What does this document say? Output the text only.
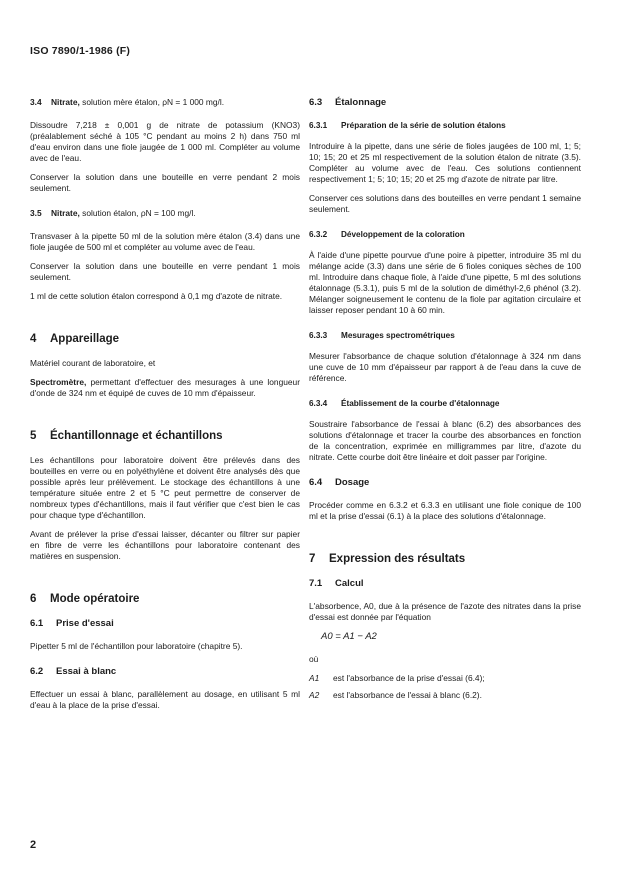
ISO 7890/1-1986 (F)

3.4 Nitrate, solution mère étalon, ρN = 1 000 mg/l.

Dissoudre 7,218 ± 0,001 g de nitrate de potassium (KNO3) (préalablement séché à 105 °C pendant au moins 2 h) dans 750 ml d'eau environ dans une fiole jaugée de 1 000 ml. Compléter au volume avec de l'eau.

Conserver la solution dans une bouteille en verre pendant 2 mois seulement.

3.5 Nitrate, solution étalon, ρN = 100 mg/l.

Transvaser à la pipette 50 ml de la solution mère étalon (3.4) dans une fiole jaugée de 500 ml et compléter au volume avec de l'eau.

Conserver la solution dans une bouteille en verre pendant 1 mois seulement.

1 ml de cette solution étalon correspond à 0,1 mg d'azote de nitrate.

4 Appareillage

Matériel courant de laboratoire, et

Spectromètre, permettant d'effectuer des mesurages à une longueur d'onde de 324 nm et équipé de cuves de 10 mm d'épaisseur.

5 Échantillonnage et échantillons

Les échantillons pour laboratoire doivent être prélevés dans des bouteilles en verre ou en polyéthylène et doivent être analysés dès que possible après leur prélèvement. Le stockage des échantillons à une température située entre 2 et 5 °C peut permettre de conserver de nombreux types d'échantillons, mais il faut vérifier que c'est bien le cas pour chaque type d'échantillon.

Avant de prélever la prise d'essai laisser, décanter ou filtrer sur papier en fibre de verre les échantillons pour laboratoire contenant des matières en suspension.

6 Mode opératoire
6.1 Prise d'essai

Pipetter 5 ml de l'échantillon pour laboratoire (chapitre 5).

6.2 Essai à blanc

Effectuer un essai à blanc, parallèlement au dosage, en utilisant 5 ml d'eau à la place de la prise d'essai.

6.3 Étalonnage
6.3.1 Préparation de la série de solution étalons

Introduire à la pipette, dans une série de fioles jaugées de 100 ml, 1; 5; 10; 15; 20 et 25 ml respectivement de la solution étalon de nitrate (3.5). Compléter au volume avec de l'eau. Ces solutions contiennent respectivement 1; 5; 10; 15; 20 et 25 mg d'azote de nitrate par litre.

Conserver ces solutions dans des bouteilles en verre pendant 1 semaine seulement.

6.3.2 Développement de la coloration

À l'aide d'une pipette pourvue d'une poire à pipetter, introduire 35 ml du mélange acide (3.3) dans une série de 6 fioles coniques sèches de 100 ml. Introduire dans chaque fiole, à l'aide d'une pipette, 5 ml des solutions étalonnage (5.3.1), puis 5 ml de la solution de diméthyl-2,6 phénol (3.2). Mélanger soigneusement le contenu de la fiole par agitation circulaire et laisser reposer pendant 10 à 60 min.

6.3.3 Mesurages spectrométriques

Mesurer l'absorbance de chaque solution d'étalonnage à 324 nm dans une cuve de 10 mm d'épaisseur par rapport à de l'eau dans la cuve de référence.

6.3.4 Établissement de la courbe d'étalonnage

Soustraire l'absorbance de l'essai à blanc (6.2) des absorbances des solutions d'étalonnage et tracer la courbe des absorbances en fonction de la concentration, exprimée en milligrammes par litre, d'azote du nitrate. Cette courbe doit être linéaire et doit passer par l'origine.

6.4 Dosage

Procéder comme en 6.3.2 et 6.3.3 en utilisant une fiole conique de 100 ml et la prise d'essai (6.1) à la place des solutions d'étalonnage.

7 Expression des résultats
7.1 Calcul

L'absorbence, A0, due à la présence de l'azote des nitrates dans la prise d'essai est donnée par l'équation

A0 = A1 − A2

où

A1 est l'absorbance de la prise d'essai (6.4);
A2 est l'absorbance de l'essai à blanc (6.2).
2
